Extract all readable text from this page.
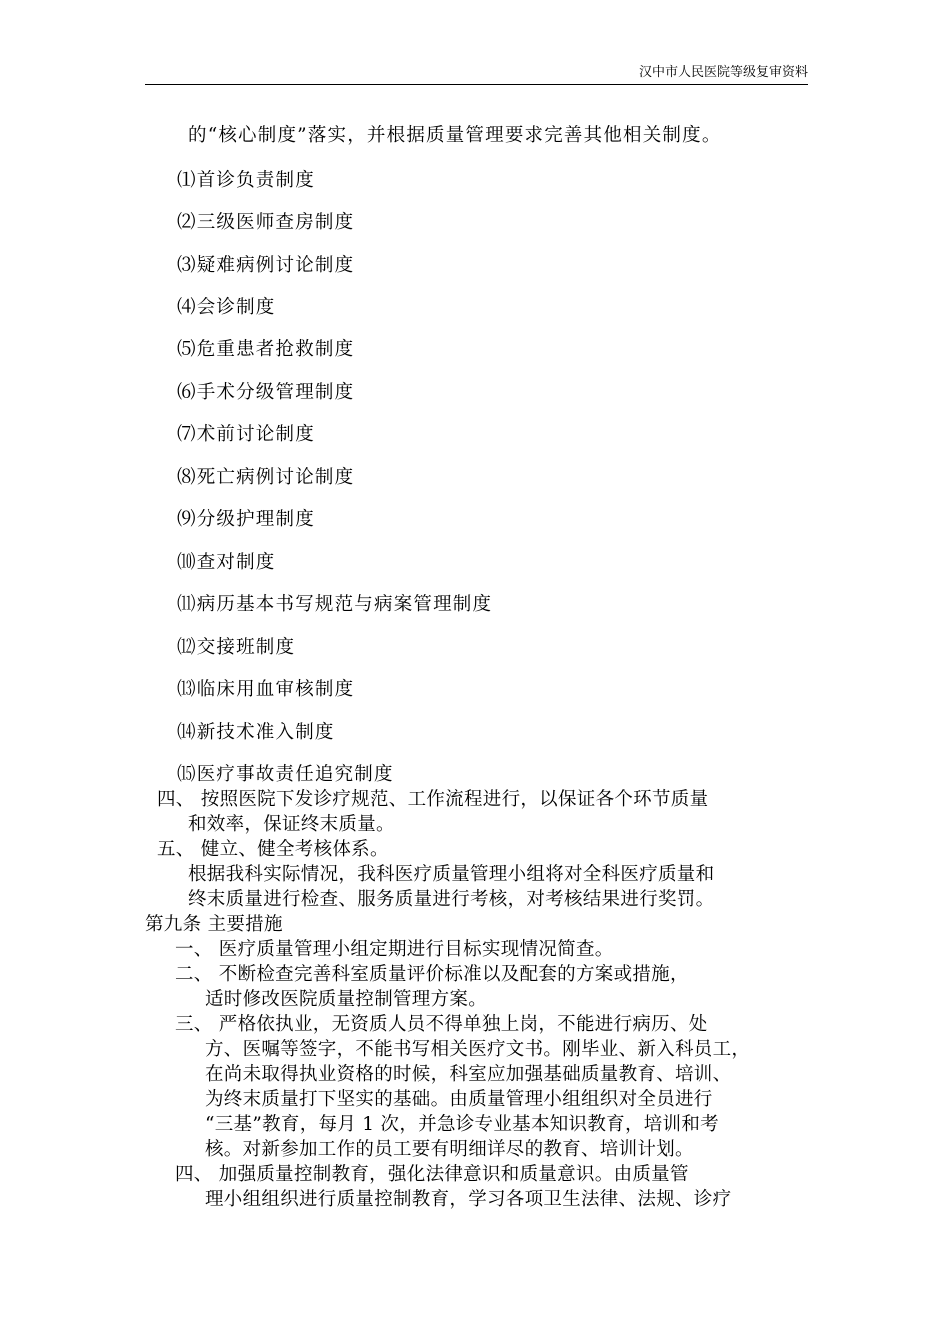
汉中市人民医院等级复审资料
的“核心制度”落实，并根据质量管理要求完善其他相关制度。
⑴首诊负责制度
⑵三级医师查房制度
⑶疑难病例讨论制度
⑷会诊制度
⑸危重患者抢救制度
⑹手术分级管理制度
⑺术前讨论制度
⑻死亡病例讨论制度
⑼分级护理制度
⑽查对制度
⑾病历基本书写规范与病案管理制度
⑿交接班制度
⒀临床用血审核制度
⒁新技术准入制度
⒂医疗事故责任追究制度
四、 按照医院下发诊疗规范、工作流程进行，以保证各个环节质量
和效率，保证终末质量。
五、 健立、健全考核体系。
根据我科实际情况，我科医疗质量管理小组将对全科医疗质量和
终末质量进行检查、服务质量进行考核，对考核结果进行奖罚。
第九条 主要措施
一、 医疗质量管理小组定期进行目标实现情况简查。
二、 不断检查完善科室质量评价标准以及配套的方案或措施，
适时修改医院质量控制管理方案。
三、 严格依执业，无资质人员不得单独上岗，不能进行病历、处
方、医嘱等签字，不能书写相关医疗文书。刚毕业、新入科员工，
在尚未取得执业资格的时候，科室应加强基础质量教育、培训、
为终末质量打下坚实的基础。由质量管理小组组织对全员进行
“三基”教育，每月 1 次，并急诊专业基本知识教育，培训和考
核。对新参加工作的员工要有明细详尽的教育、培训计划。
四、 加强质量控制教育，强化法律意识和质量意识。由质量管
理小组组织进行质量控制教育，学习各项卫生法律、法规、诊疗
